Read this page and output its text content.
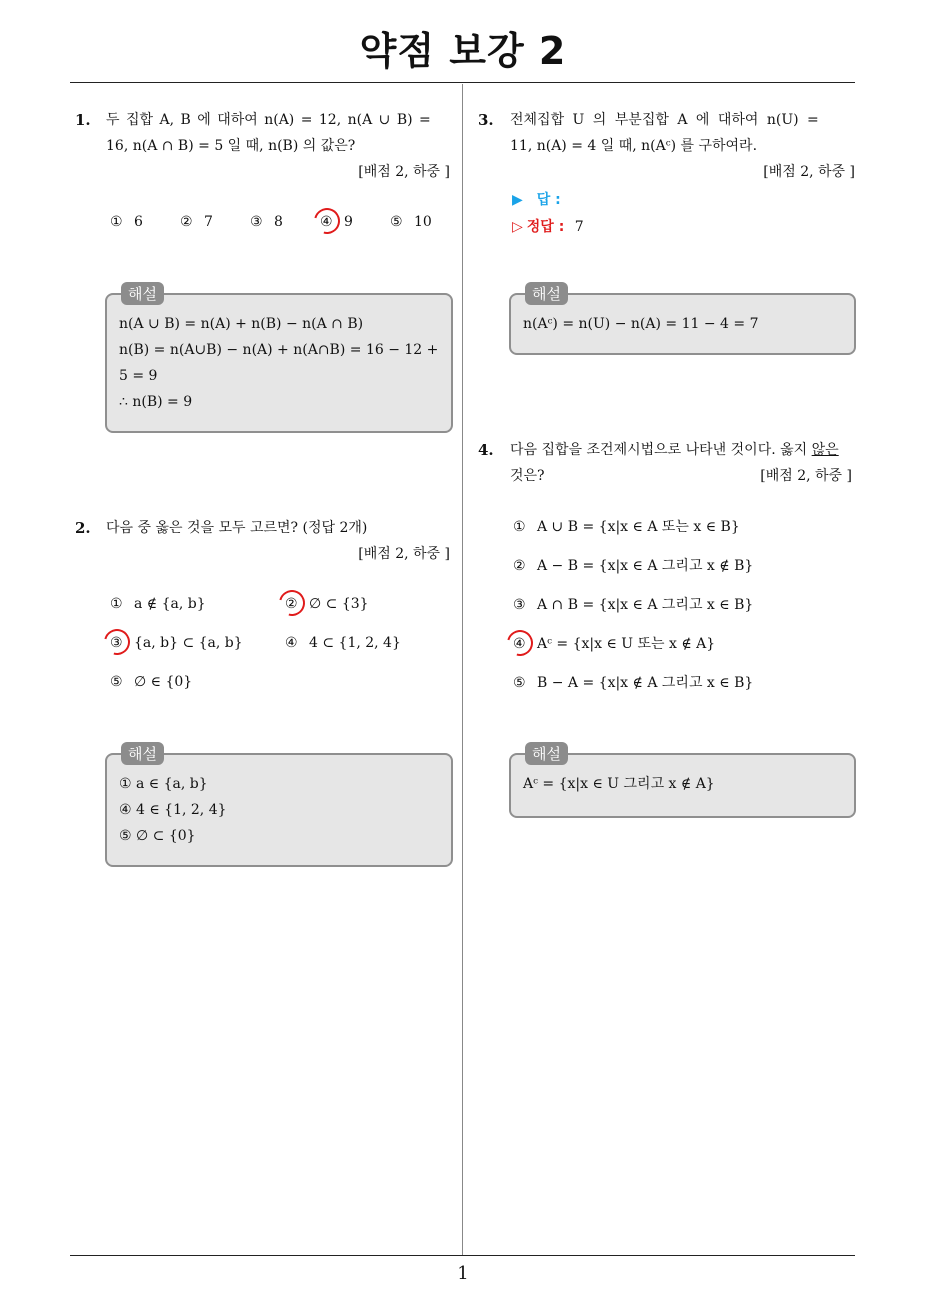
약점 보강 2
1. 두 집합 A, B 에 대하여 n(A) = 12, n(A ∪ B) =
16, n(A ∩ B) = 5 일 때, n(B) 의 값은?
[배점 2, 하중 ]
① 6	② 7	③ 8	④ 9	⑤ 10
해설
n(A ∪ B) = n(A) + n(B) − n(A ∩ B)
n(B) = n(A∪B) − n(A) + n(A∩B) = 16 − 12 +
5 = 9
∴ n(B) = 9
2. 다음 중 옳은 것을 모두 고르면? (정답 2개)
[배점 2, 하중 ]
① a ∉ {a, b}	② ∅ ⊂ {3}
③ {a, b} ⊂ {a, b}	④ 4 ⊂ {1, 2, 4}
⑤ ∅ ∈ {0}
해설
① a ∈ {a, b}
④ 4 ∈ {1, 2, 4}
⑤ ∅ ⊂ {0}
3. 전체집합 U 의 부분집합 A 에 대하여 n(U) =
11, n(A) = 4 일 때, n(Aᶜ) 를 구하여라.
[배점 2, 하중 ]
▶ 답 :
▷ 정답 : 7
해설
n(Aᶜ) = n(U) − n(A) = 11 − 4 = 7
4. 다음 집합을 조건제시법으로 나타낸 것이다. 옳지 않은
것은?	[배점 2, 하중 ]
① A ∪ B = {x|x ∈ A 또는 x ∈ B}
② A − B = {x|x ∈ A 그리고 x ∉ B}
③ A ∩ B = {x|x ∈ A 그리고 x ∈ B}
④ Aᶜ = {x|x ∈ U 또는 x ∉ A}
⑤ B − A = {x|x ∉ A 그리고 x ∈ B}
해설
Aᶜ = {x|x ∈ U 그리고 x ∉ A}
1
